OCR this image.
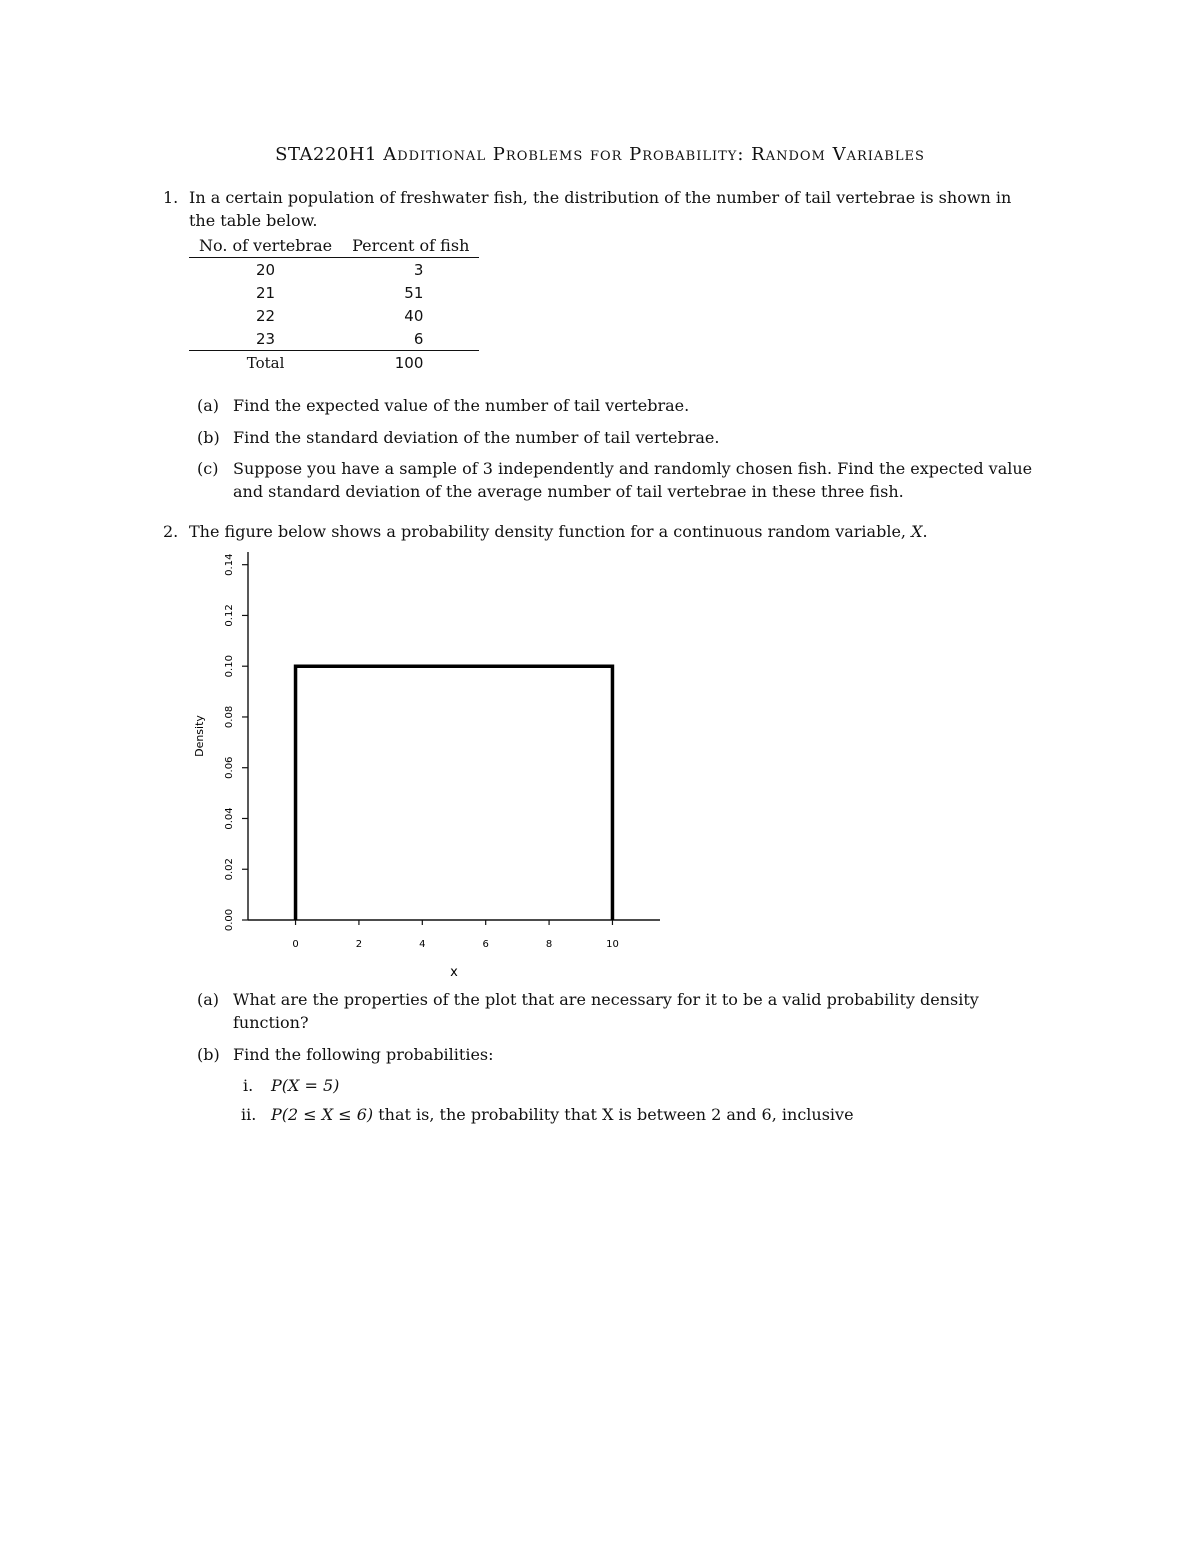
STA220H1 Additional Problems for Probability: Random Variables
1. In a certain population of freshwater fish, the distribution of the number of tail vertebrae is shown in
the table below.
No. of vertebrae	Percent of fish
20	3
21	51
22	40
23	6
Total	100
(a) Find the expected value of the number of tail vertebrae.
(b) Find the standard deviation of the number of tail vertebrae.
(c) Suppose you have a sample of 3 independently and randomly chosen fish. Find the expected value
and standard deviation of the average number of tail vertebrae in these three fish.
2. The figure below shows a probability density function for a continuous random variable, X.
0.00
0.02
0.04
0.06
0.08
0.10
0.12
0.14
0	2	4	6	8	10
Density
x
(a) What are the properties of the plot that are necessary for it to be a valid probability density
function?
(b) Find the following probabilities:
i. P(X = 5)
ii. P(2 ≤ X ≤ 6) that is, the probability that X is between 2 and 6, inclusive
